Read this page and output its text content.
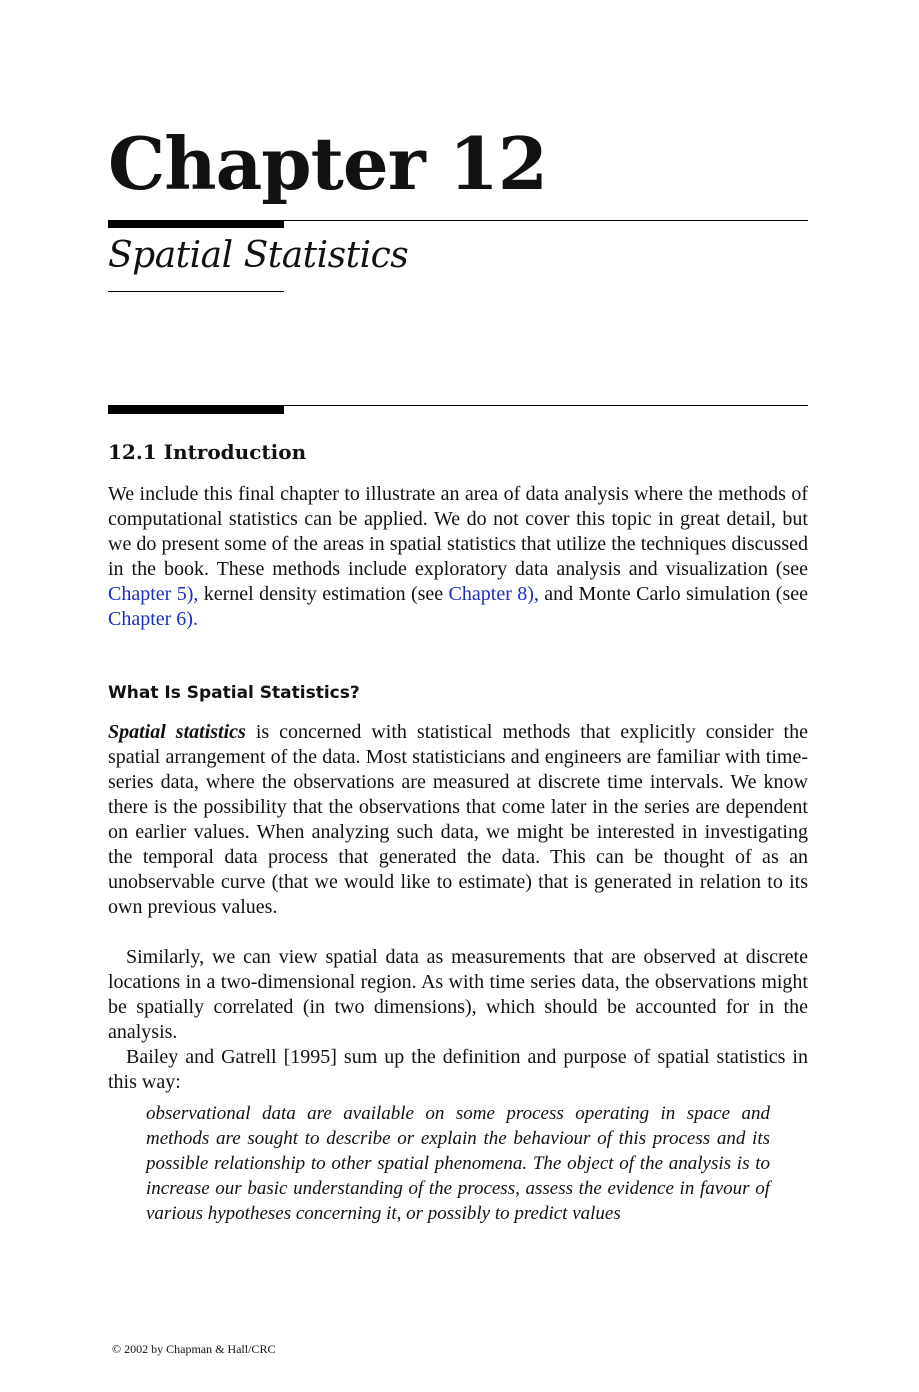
Chapter 12
Spatial Statistics
12.1 Introduction

We include this final chapter to illustrate an area of data analysis where the methods of computational statistics can be applied. We do not cover this topic in great detail, but we do present some of the areas in spatial statistics that utilize the techniques discussed in the book. These methods include exploratory data analysis and visualization (see Chapter 5), kernel density estimation (see Chapter 8), and Monte Carlo simulation (see Chapter 6).

What Is Spatial Statistics?

Spatial statistics is concerned with statistical methods that explicitly consider the spatial arrangement of the data. Most statisticians and engineers are familiar with time-series data, where the observations are measured at discrete time intervals. We know there is the possibility that the observations that come later in the series are dependent on earlier values. When analyzing such data, we might be interested in investigating the temporal data process that generated the data. This can be thought of as an unobservable curve (that we would like to estimate) that is generated in relation to its own previous values.

Similarly, we can view spatial data as measurements that are observed at discrete locations in a two-dimensional region. As with time series data, the observations might be spatially correlated (in two dimensions), which should be accounted for in the analysis.

Bailey and Gatrell [1995] sum up the definition and purpose of spatial statistics in this way:

observational data are available on some process operating in space and methods are sought to describe or explain the behaviour of this process and its possible relationship to other spatial phenomena. The object of the analysis is to increase our basic understanding of the process, assess the evidence in favour of various hypotheses concerning it, or possibly to predict values

© 2002 by Chapman & Hall/CRC
